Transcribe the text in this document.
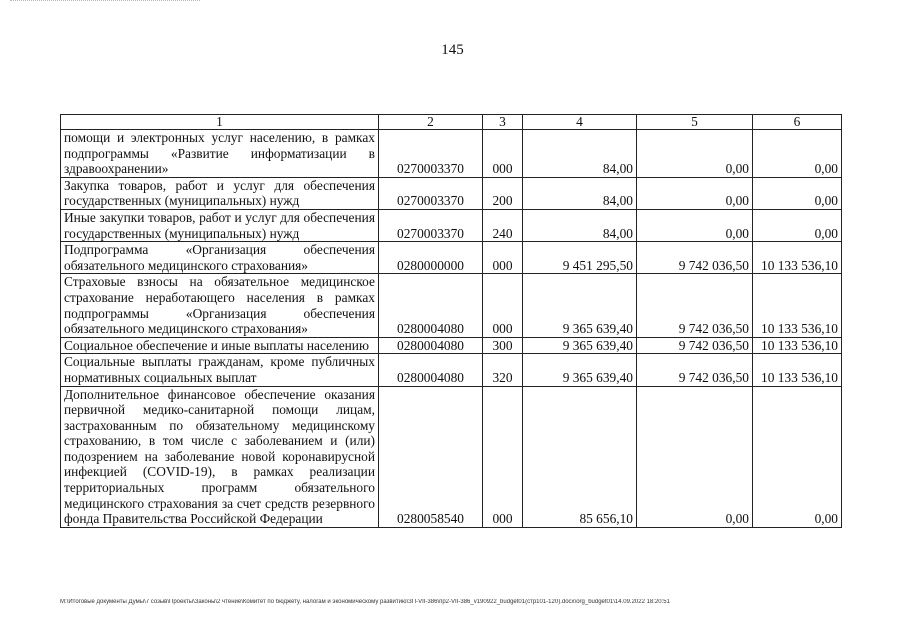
145
1	2	3	4	5	6
помощи и электронных услуг населению, в рамках подпрограммы «Развитие информатизации в здравоохранении»	0270003370	000	84,00	0,00	0,00
Закупка товаров, работ и услуг для обеспечения государственных (муниципальных) нужд	0270003370	200	84,00	0,00	0,00
Иные закупки товаров, работ и услуг для обеспечения государственных (муниципальных) нужд	0270003370	240	84,00	0,00	0,00
Подпрограмма «Организация обеспечения обязательного медицинского страхования»	0280000000	000	9 451 295,50	9 742 036,50	10 133 536,10
Страховые взносы на обязательное медицинское страхование неработающего населения в рамках подпрограммы «Организация обеспечения обязательного медицинского страхования»	0280004080	000	9 365 639,40	9 742 036,50	10 133 536,10
Социальное обеспечение и иные выплаты населению	0280004080	300	9 365 639,40	9 742 036,50	10 133 536,10
Социальные выплаты гражданам, кроме публичных нормативных социальных выплат	0280004080	320	9 365 639,40	9 742 036,50	10 133 536,10
Дополнительное финансовое обеспечение оказания первичной медико-санитарной помощи лицам, застрахованным по обязательному медицинскому страхованию, в том числе с заболеванием и (или) подозрением на заболевание новой коронавирусной инфекцией (COVID-19), в рамках реализации территориальных программ обязательного медицинского страхования за счет средств резервного фонда Правительства Российской Федерации	0280058540	000	85 656,10	0,00	0,00
M:\Итоговые документы Думы\7 созыв\Проекты\Законы\2 чтение\Комитет по бюджету, налогам и экономическому развитию\ЗП-VII-386\пр2-VII-386_v190922_budget01(стр101-120).docx\org_budget01\14.09.2022 18:20:51
